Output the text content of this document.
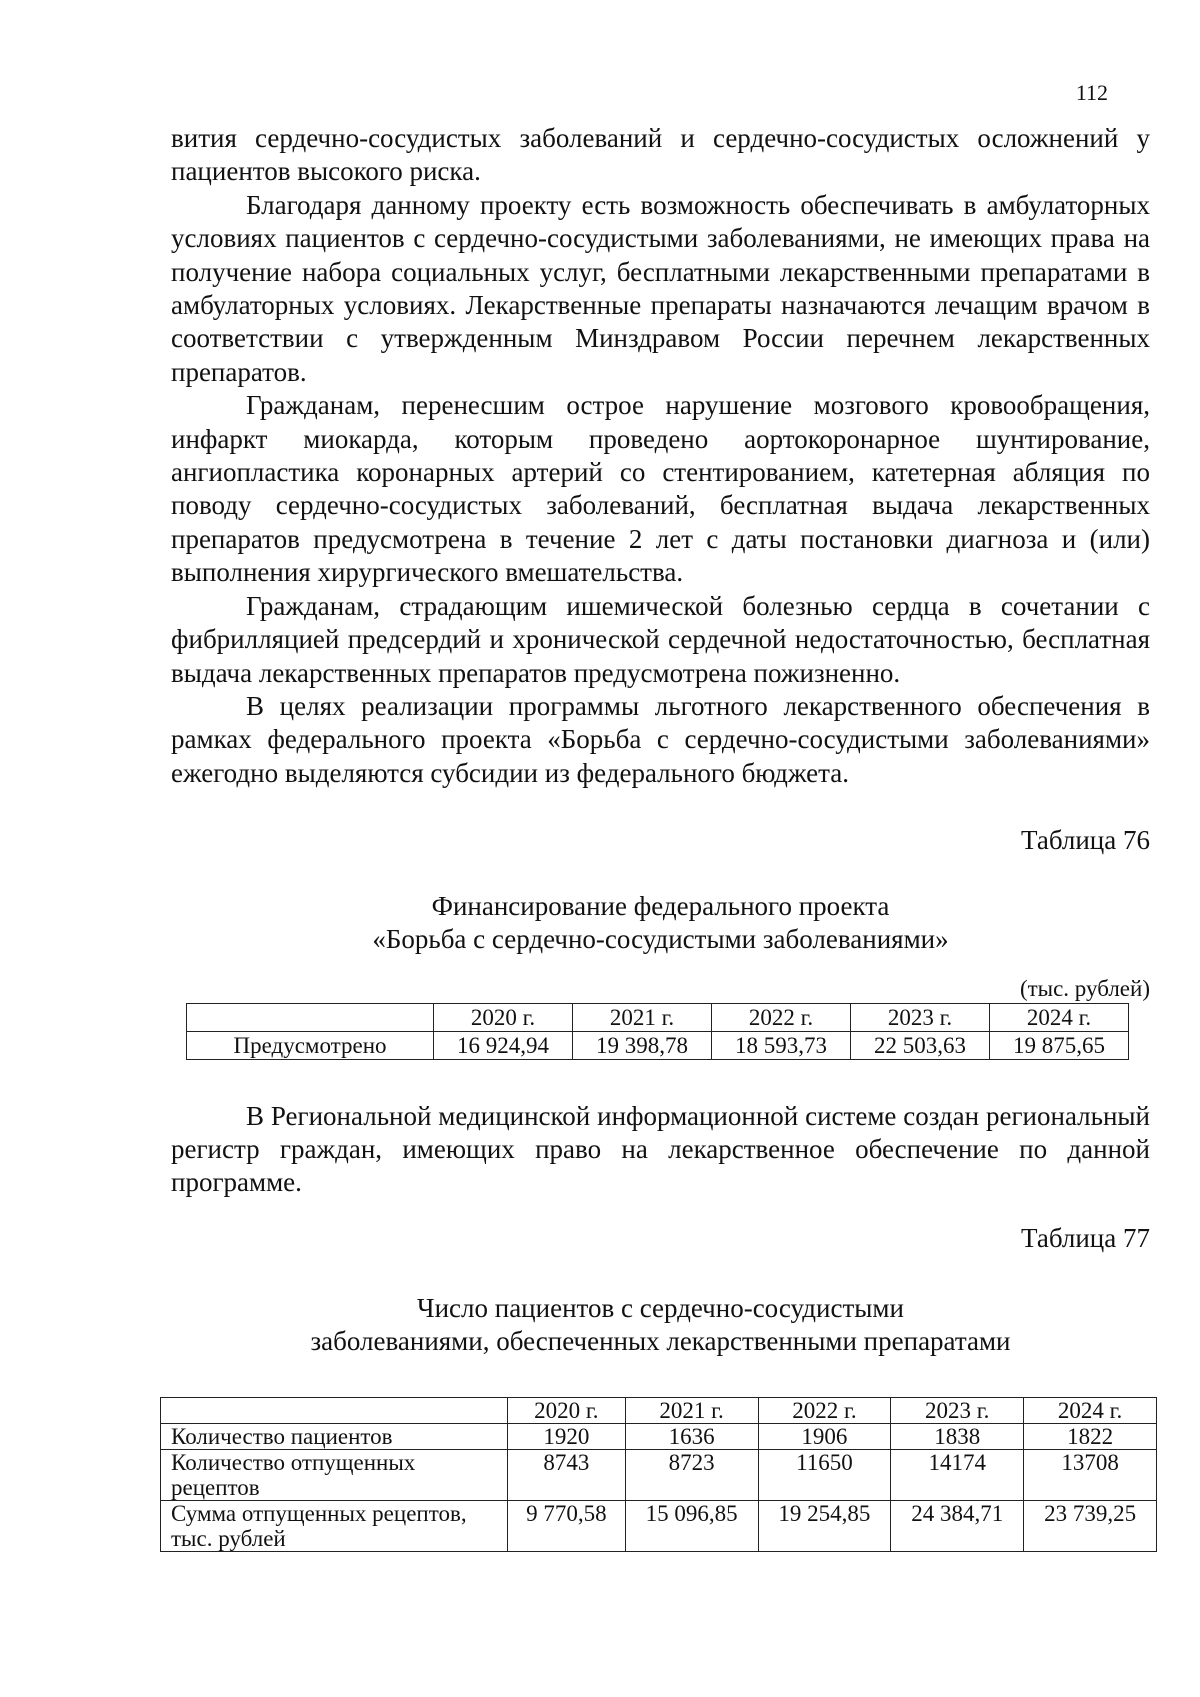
112

вития сердечно-сосудистых заболеваний и сердечно-сосудистых осложнений у пациентов высокого риска.

Благодаря данному проекту есть возможность обеспечивать в амбулаторных условиях пациентов с сердечно-сосудистыми заболеваниями, не имеющих права на получение набора социальных услуг, бесплатными лекарственными препаратами в амбулаторных условиях. Лекарственные препараты назначаются лечащим врачом в соответствии с утвержденным Минздравом России перечнем лекарственных препаратов.

Гражданам, перенесшим острое нарушение мозгового кровообращения, инфаркт миокарда, которым проведено аортокоронарное шунтирование, ангиопластика коронарных артерий со стентированием, катетерная абляция по поводу сердечно-сосудистых заболеваний, бесплатная выдача лекарственных препаратов предусмотрена в течение 2 лет с даты постановки диагноза и (или) выполнения хирургического вмешательства.

Гражданам, страдающим ишемической болезнью сердца в сочетании с фибрилляцией предсердий и хронической сердечной недостаточностью, бесплатная выдача лекарственных препаратов предусмотрена пожизненно.

В целях реализации программы льготного лекарственного обеспечения в рамках федерального проекта «Борьба с сердечно-сосудистыми заболеваниями» ежегодно выделяются субсидии из федерального бюджета.

Таблица 76
Финансирование федерального проекта
«Борьба с сердечно-сосудистыми заболеваниями»
(тыс. рублей)
	2020 г.	2021 г.	2022 г.	2023 г.	2024 г.
Предусмотрено	16 924,94	19 398,78	18 593,73	22 503,63	19 875,65
В Региональной медицинской информационной системе создан региональный регистр граждан, имеющих право на лекарственное обеспечение по данной программе.
Таблица 77
Число пациентов с сердечно-сосудистыми
заболеваниями, обеспеченных лекарственными препаратами
	2020 г.	2021 г.	2022 г.	2023 г.	2024 г.
Количество пациентов	1920	1636	1906	1838	1822
Количество отпущенных рецептов	8743	8723	11650	14174	13708
Сумма отпущенных рецептов, тыс. рублей	9 770,58	15 096,85	19 254,85	24 384,71	23 739,25
